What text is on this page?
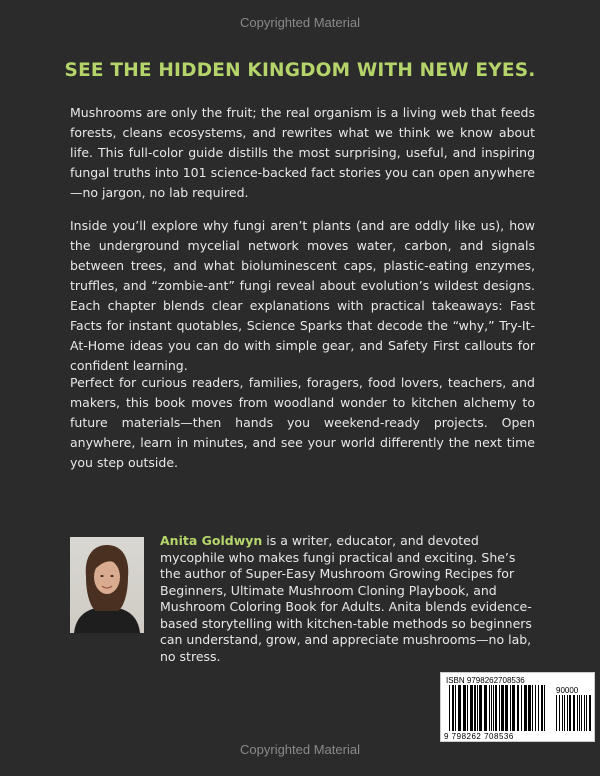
Copyrighted Material
SEE THE HIDDEN KINGDOM WITH NEW EYES.

Mushrooms are only the fruit; the real organism is a living web that feeds forests, cleans ecosystems, and rewrites what we think we know about life. This full-color guide distills the most surprising, useful, and inspiring fungal truths into 101 science-backed fact stories you can open anywhere—no jargon, no lab required.

Inside you’ll explore why fungi aren’t plants (and are oddly like us), how the underground mycelial network moves water, carbon, and signals between trees, and what bioluminescent caps, plastic-eating enzymes, truffles, and “zombie-ant” fungi reveal about evolution’s wildest designs. Each chapter blends clear explanations with practical takeaways: Fast Facts for instant quotables, Science Sparks that decode the “why,” Try-It-At-Home ideas you can do with simple gear, and Safety First callouts for confident learning.

Perfect for curious readers, families, foragers, food lovers, teachers, and makers, this book moves from woodland wonder to kitchen alchemy to future materials—then hands you weekend-ready projects. Open anywhere, learn in minutes, and see your world differently the next time you step outside.

Anita Goldwyn is a writer, educator, and devoted mycophile who makes fungi practical and exciting. She’s the author of Super-Easy Mushroom Growing Recipes for Beginners, Ultimate Mushroom Cloning Playbook, and Mushroom Coloring Book for Adults. Anita blends evidence-based storytelling with kitchen-table methods so beginners can understand, grow, and appreciate mushrooms—no lab, no stress.

ISBN 9798262708536
90000
9 798262 708536
Copyrighted Material
